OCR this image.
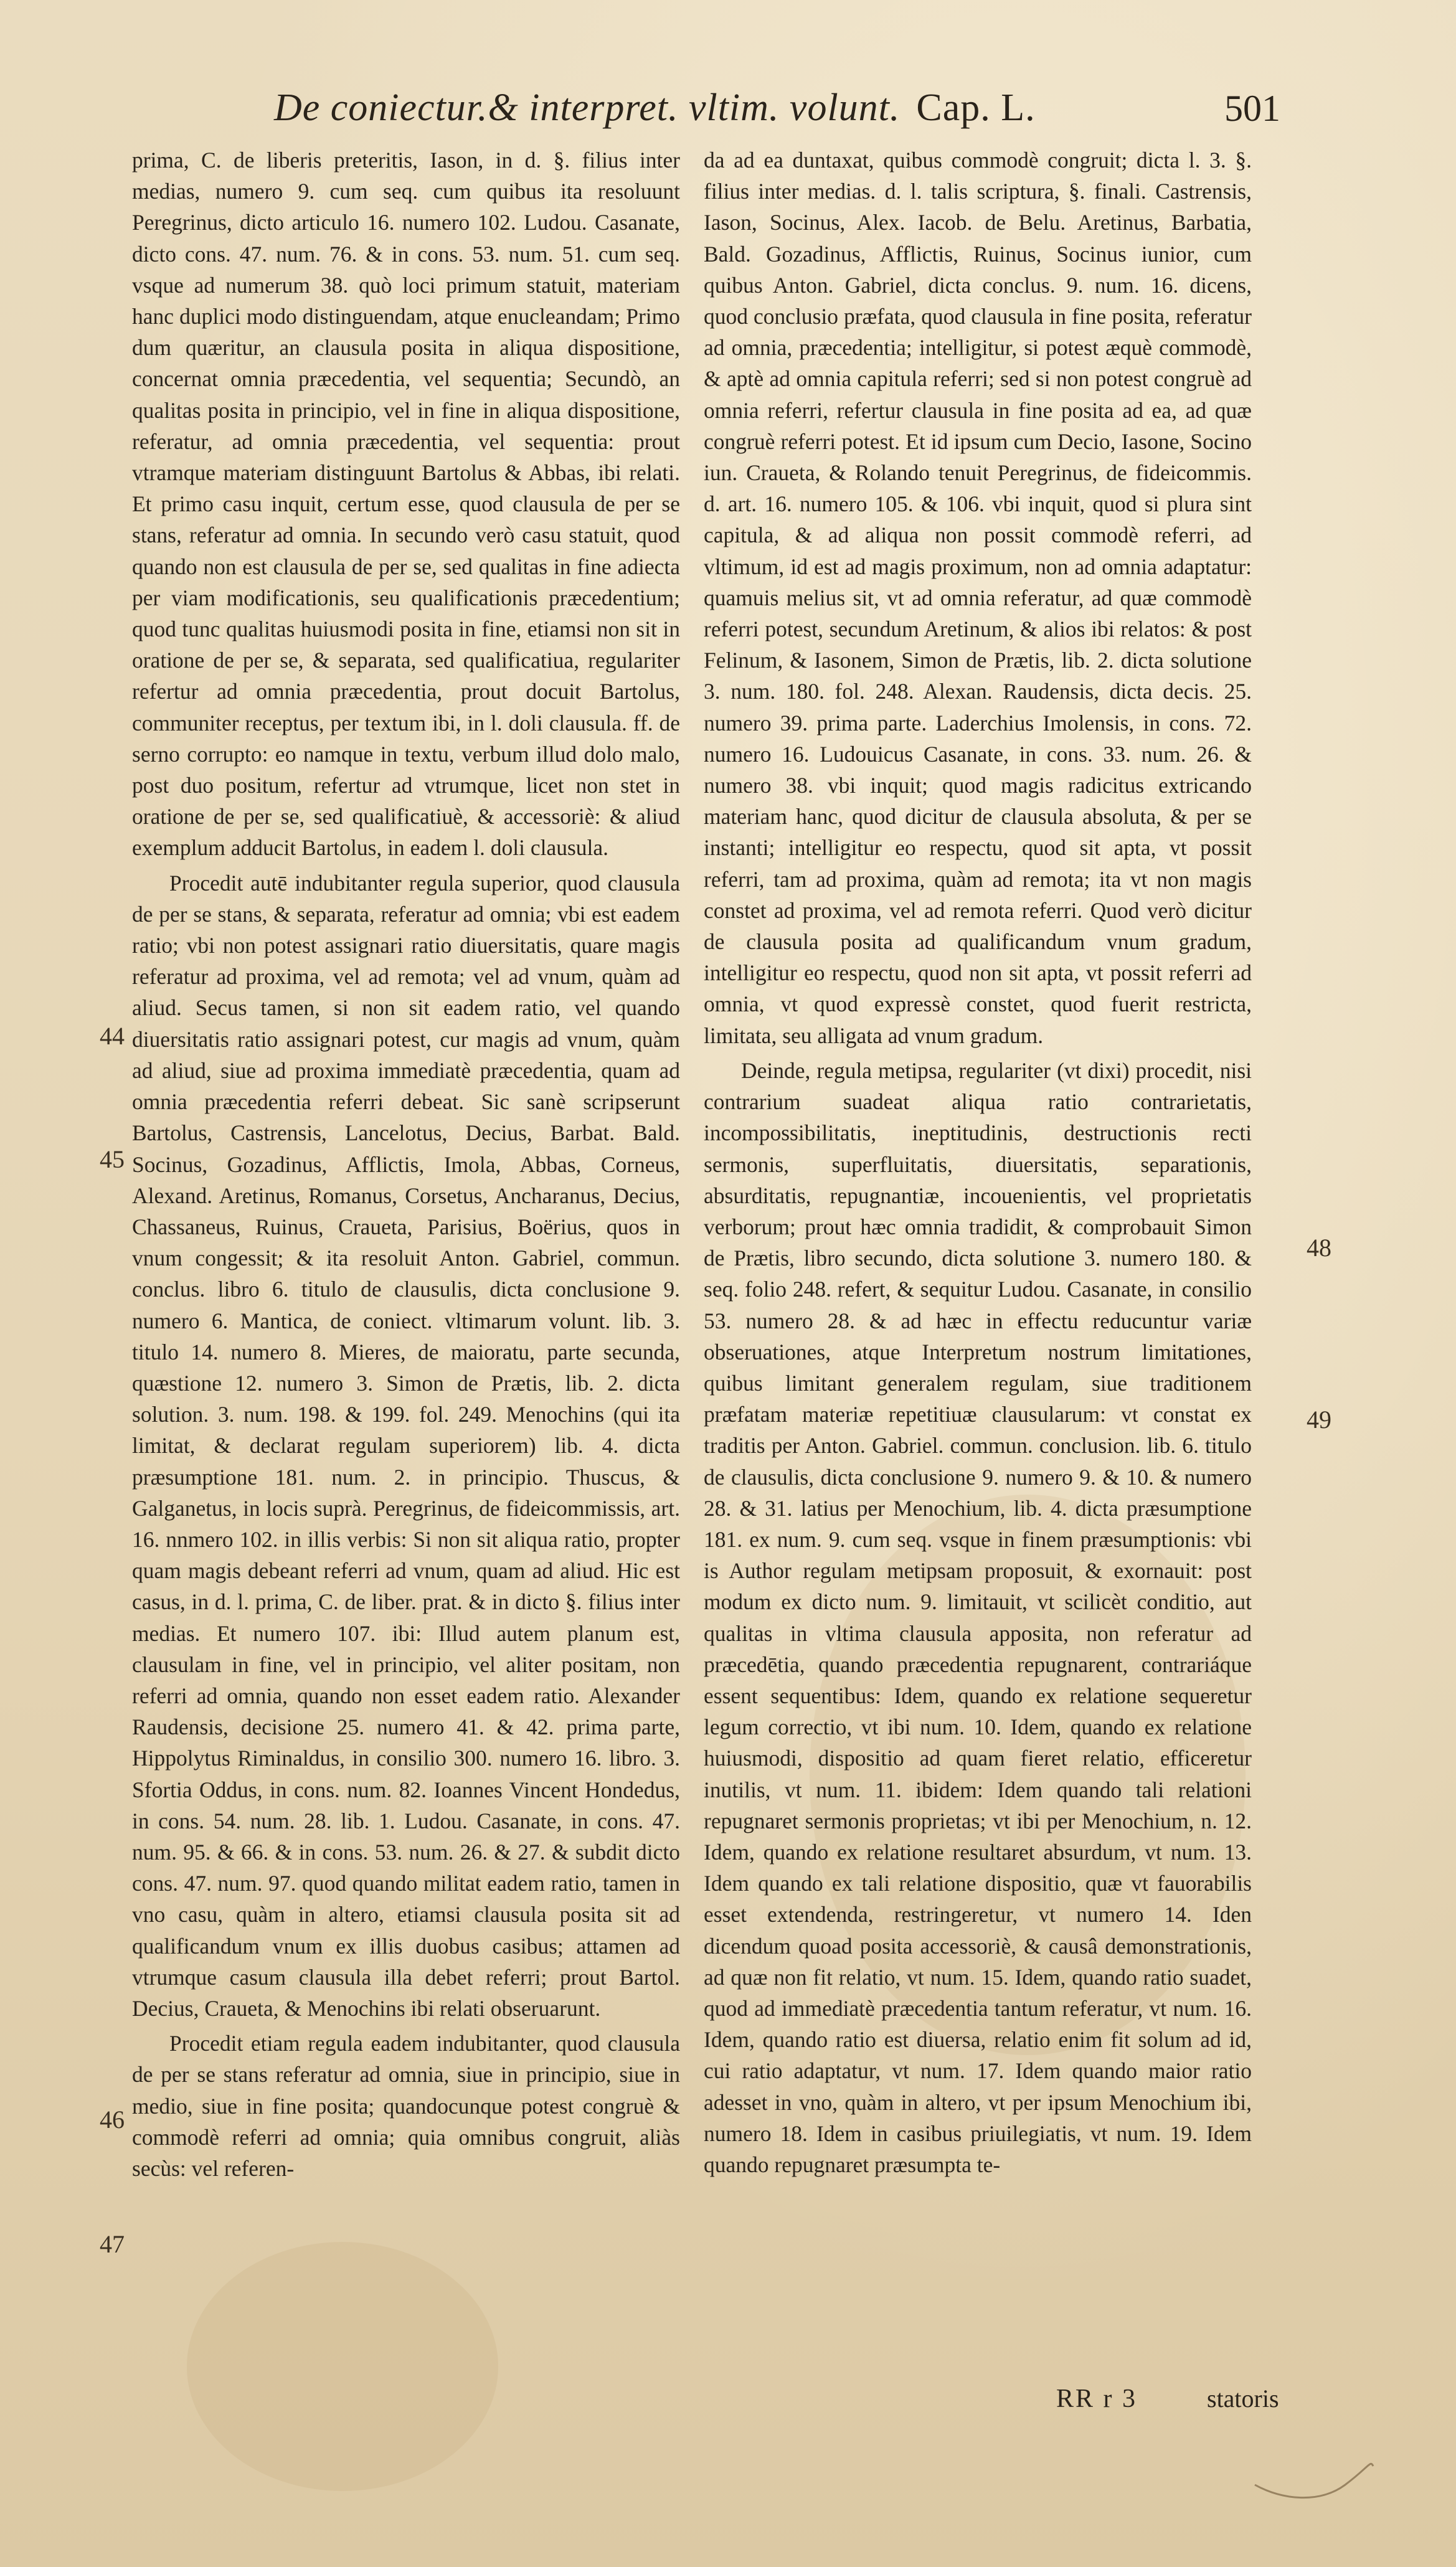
De coniectur.& interpret. vltim. volunt. Cap. L.	501

prima, C. de liberis preteritis, Iason, in d. §. filius inter medias, numero 9. cum seq. cum quibus ita resoluunt Peregrinus, dicto articulo 16. numero 102. Ludou. Casanate, dicto cons. 47. num. 76. & in cons. 53. num. 51. cum seq. vsque ad numerum 38. quò loci primum statuit, materiam hanc duplici modo distinguendam, atque enucleandam; Primo dum quæritur, an clausula posita in aliqua dispositione, concernat omnia præcedentia, vel sequentia; Secundò, an qualitas posita in principio, vel in fine in aliqua dispositione, referatur, ad omnia præcedentia, vel sequentia: prout vtramque materiam distinguunt Bartolus & Abbas, ibi relati. Et primo casu inquit, certum esse, quod clausula de per se stans, referatur ad omnia. In secundo verò casu statuit, quod quando non est clausula de per se, sed qualitas in fine adiecta per viam modificationis, seu qualificationis præcedentium; quod tunc qualitas huiusmodi posita in fine, etiamsi non sit in oratione de per se, & separata, sed qualificatiua, regulariter refertur ad omnia præcedentia, prout docuit Bartolus, communiter receptus, per textum ibi, in l. doli clausula. ff. de serno corrupto: eo namque in textu, verbum illud dolo malo, post duo positum, refertur ad vtrumque, licet non stet in oratione de per se, sed qualificatiuè, & accessoriè: & aliud exemplum adducit Bartolus, in eadem l. doli clausula.

Procedit autē indubitanter regula superior, quod clausula de per se stans, & separata, referatur ad omnia; vbi est eadem ratio; vbi non potest assignari ratio diuersitatis, quare magis referatur ad proxima, vel ad remota; vel ad vnum, quàm ad aliud. Secus tamen, si non sit eadem ratio, vel quando diuersitatis ratio assignari potest, cur magis ad vnum, quàm ad aliud, siue ad proxima immediatè præcedentia, quam ad omnia præcedentia referri debeat. Sic sanè scripserunt Bartolus, Castrensis, Lancelotus, Decius, Barbat. Bald. Socinus, Gozadinus, Afflictis, Imola, Abbas, Corneus, Alexand. Aretinus, Romanus, Corsetus, Ancharanus, Decius, Chassaneus, Ruinus, Craueta, Parisius, Boërius, quos in vnum congessit; & ita resoluit Anton. Gabriel, commun. conclus. libro 6. titulo de clausulis, dicta conclusione 9. numero 6. Mantica, de coniect. vltimarum volunt. lib. 3. titulo 14. numero 8. Mieres, de maioratu, parte secunda, quæstione 12. numero 3. Simon de Prætis, lib. 2. dicta solution. 3. num. 198. & 199. fol. 249. Menochins (qui ita limitat, & declarat regulam superiorem) lib. 4. dicta præsumptione 181. num. 2. in principio. Thuscus, & Galganetus, in locis suprà. Peregrinus, de fideicommissis, art. 16. nnmero 102. in illis verbis: Si non sit aliqua ratio, propter quam magis debeant referri ad vnum, quam ad aliud. Hic est casus, in d. l. prima, C. de liber. prat. & in dicto §. filius inter medias. Et numero 107. ibi: Illud autem planum est, clausulam in fine, vel in principio, vel aliter positam, non referri ad omnia, quando non esset eadem ratio. Alexander Raudensis, decisione 25. numero 41. & 42. prima parte, Hippolytus Riminaldus, in consilio 300. numero 16. libro. 3. Sfortia Oddus, in cons. num. 82. Ioannes Vincent Hondedus, in cons. 54. num. 28. lib. 1. Ludou. Casanate, in cons. 47. num. 95. & 66. & in cons. 53. num. 26. & 27. & subdit dicto cons. 47. num. 97. quod quando militat eadem ratio, tamen in vno casu, quàm in altero, etiamsi clausula posita sit ad qualificandum vnum ex illis duobus casibus; attamen ad vtrumque casum clausula illa debet referri; prout Bartol. Decius, Craueta, & Menochins ibi relati obseruarunt.

Procedit etiam regula eadem indubitanter, quod clausula de per se stans referatur ad omnia, siue in principio, siue in medio, siue in fine posita; quandocunque potest congruè & commodè referri ad omnia; quia omnibus congruit, aliàs secùs: vel referen-

da ad ea duntaxat, quibus commodè congruit; dicta l. 3. §. filius inter medias. d. l. talis scriptura, §. finali. Castrensis, Iason, Socinus, Alex. Iacob. de Belu. Aretinus, Barbatia, Bald. Gozadinus, Afflictis, Ruinus, Socinus iunior, cum quibus Anton. Gabriel, dicta conclus. 9. num. 16. dicens, quod conclusio præfata, quod clausula in fine posita, referatur ad omnia, præcedentia; intelligitur, si potest æquè commodè, & aptè ad omnia capitula referri; sed si non potest congruè ad omnia referri, refertur clausula in fine posita ad ea, ad quæ congruè referri potest. Et id ipsum cum Decio, Iasone, Socino iun. Craueta, & Rolando tenuit Peregrinus, de fideicommis. d. art. 16. numero 105. & 106. vbi inquit, quod si plura sint capitula, & ad aliqua non possit commodè referri, ad vltimum, id est ad magis proximum, non ad omnia adaptatur: quamuis melius sit, vt ad omnia referatur, ad quæ commodè referri potest, secundum Aretinum, & alios ibi relatos: & post Felinum, & Iasonem, Simon de Prætis, lib. 2. dicta solutione 3. num. 180. fol. 248. Alexan. Raudensis, dicta decis. 25. numero 39. prima parte. Laderchius Imolensis, in cons. 72. numero 16. Ludouicus Casanate, in cons. 33. num. 26. & numero 38. vbi inquit; quod magis radicitus extricando materiam hanc, quod dicitur de clausula absoluta, & per se instanti; intelligitur eo respectu, quod sit apta, vt possit referri, tam ad proxima, quàm ad remota; ita vt non magis constet ad proxima, vel ad remota referri. Quod verò dicitur de clausula posita ad qualificandum vnum gradum, intelligitur eo respectu, quod non sit apta, vt possit referri ad omnia, vt quod expressè constet, quod fuerit restricta, limitata, seu alligata ad vnum gradum.

Deinde, regula metipsa, regulariter (vt dixi) procedit, nisi contrarium suadeat aliqua ratio contrarietatis, incompossibilitatis, ineptitudinis, destructionis recti sermonis, superfluitatis, diuersitatis, separationis, absurditatis, repugnantiæ, incouenientis, vel proprietatis verborum; prout hæc omnia tradidit, & comprobauit Simon de Prætis, libro secundo, dicta solutione 3. numero 180. & seq. folio 248. refert, & sequitur Ludou. Casanate, in consilio 53. numero 28. & ad hæc in effectu reducuntur variæ obseruationes, atque Interpretum nostrum limitationes, quibus limitant generalem regulam, siue traditionem præfatam materiæ repetitiuæ clausularum: vt constat ex traditis per Anton. Gabriel. commun. conclusion. lib. 6. titulo de clausulis, dicta conclusione 9. numero 9. & 10. & numero 28. & 31. latius per Menochium, lib. 4. dicta præsumptione 181. ex num. 9. cum seq. vsque in finem præsumptionis: vbi is Author regulam metipsam proposuit, & exornauit: post modum ex dicto num. 9. limitauit, vt scilicèt conditio, aut qualitas in vltima clausula apposita, non referatur ad præcedētia, quando præcedentia repugnarent, contrariáque essent sequentibus: Idem, quando ex relatione sequeretur legum correctio, vt ibi num. 10. Idem, quando ex relatione huiusmodi, dispositio ad quam fieret relatio, efficeretur inutilis, vt num. 11. ibidem: Idem quando tali relationi repugnaret sermonis proprietas; vt ibi per Menochium, n. 12. Idem, quando ex relatione resultaret absurdum, vt num. 13. Idem quando ex tali relatione dispositio, quæ vt fauorabilis esset extendenda, restringeretur, vt numero 14. Iden dicendum quoad posita accessoriè, & causâ demonstrationis, ad quæ non fit relatio, vt num. 15. Idem, quando ratio suadet, quod ad immediatè præcedentia tantum referatur, vt num. 16. Idem, quando ratio est diuersa, relatio enim fit solum ad id, cui ratio adaptatur, vt num. 17. Idem quando maior ratio adesset in vno, quàm in altero, vt per ipsum Menochium ibi, numero 18. Idem in casibus priuilegiatis, vt num. 19. Idem quando repugnaret præsumpta te-

44
45
46
47
48
49
RR r 3	statoris
